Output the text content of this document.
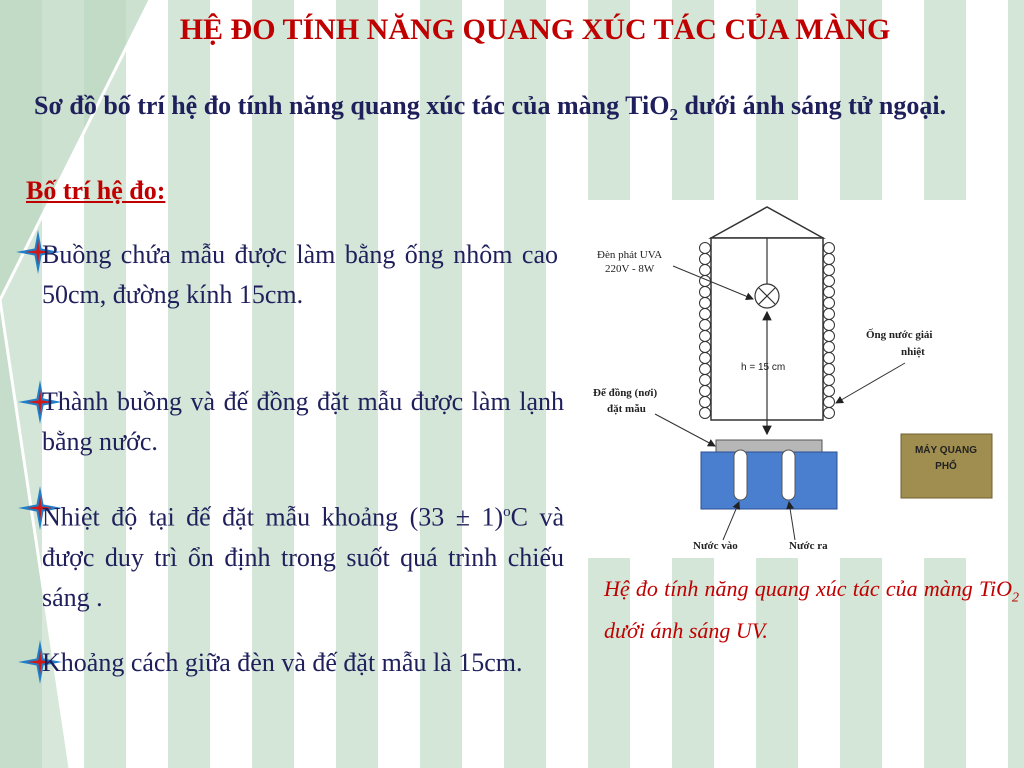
HỆ ĐO TÍNH NĂNG QUANG XÚC TÁC CỦA MÀNG
Sơ đồ bố trí hệ đo tính năng quang xúc tác của màng TiO$_2$ dưới ánh sáng tử ngoại.
Bố trí hệ đo:
Buồng chứa mẫu được làm bằng ống nhôm cao 50cm, đường kính 15cm.
Thành buồng và đế đồng đặt mẫu được làm lạnh bằng nước.
Nhiệt độ tại đế đặt mẫu khoảng $(33 \pm 1)^oC$ và được duy trì ổn định trong suốt quá trình chiếu sáng .
Khoảng cách giữa đèn và đế đặt mẫu là 15cm.
h = 15 cm
Đèn phát UVA
220V - 8W
Ống nước giải
nhiệt
Đế đồng (nơi)
đặt mẫu
Nước vào	Nước ra
MÁY QUANG
PHỔ
Hệ đo tính năng quang xúc tác của màng TiO$_2$ dưới ánh sáng UV.
